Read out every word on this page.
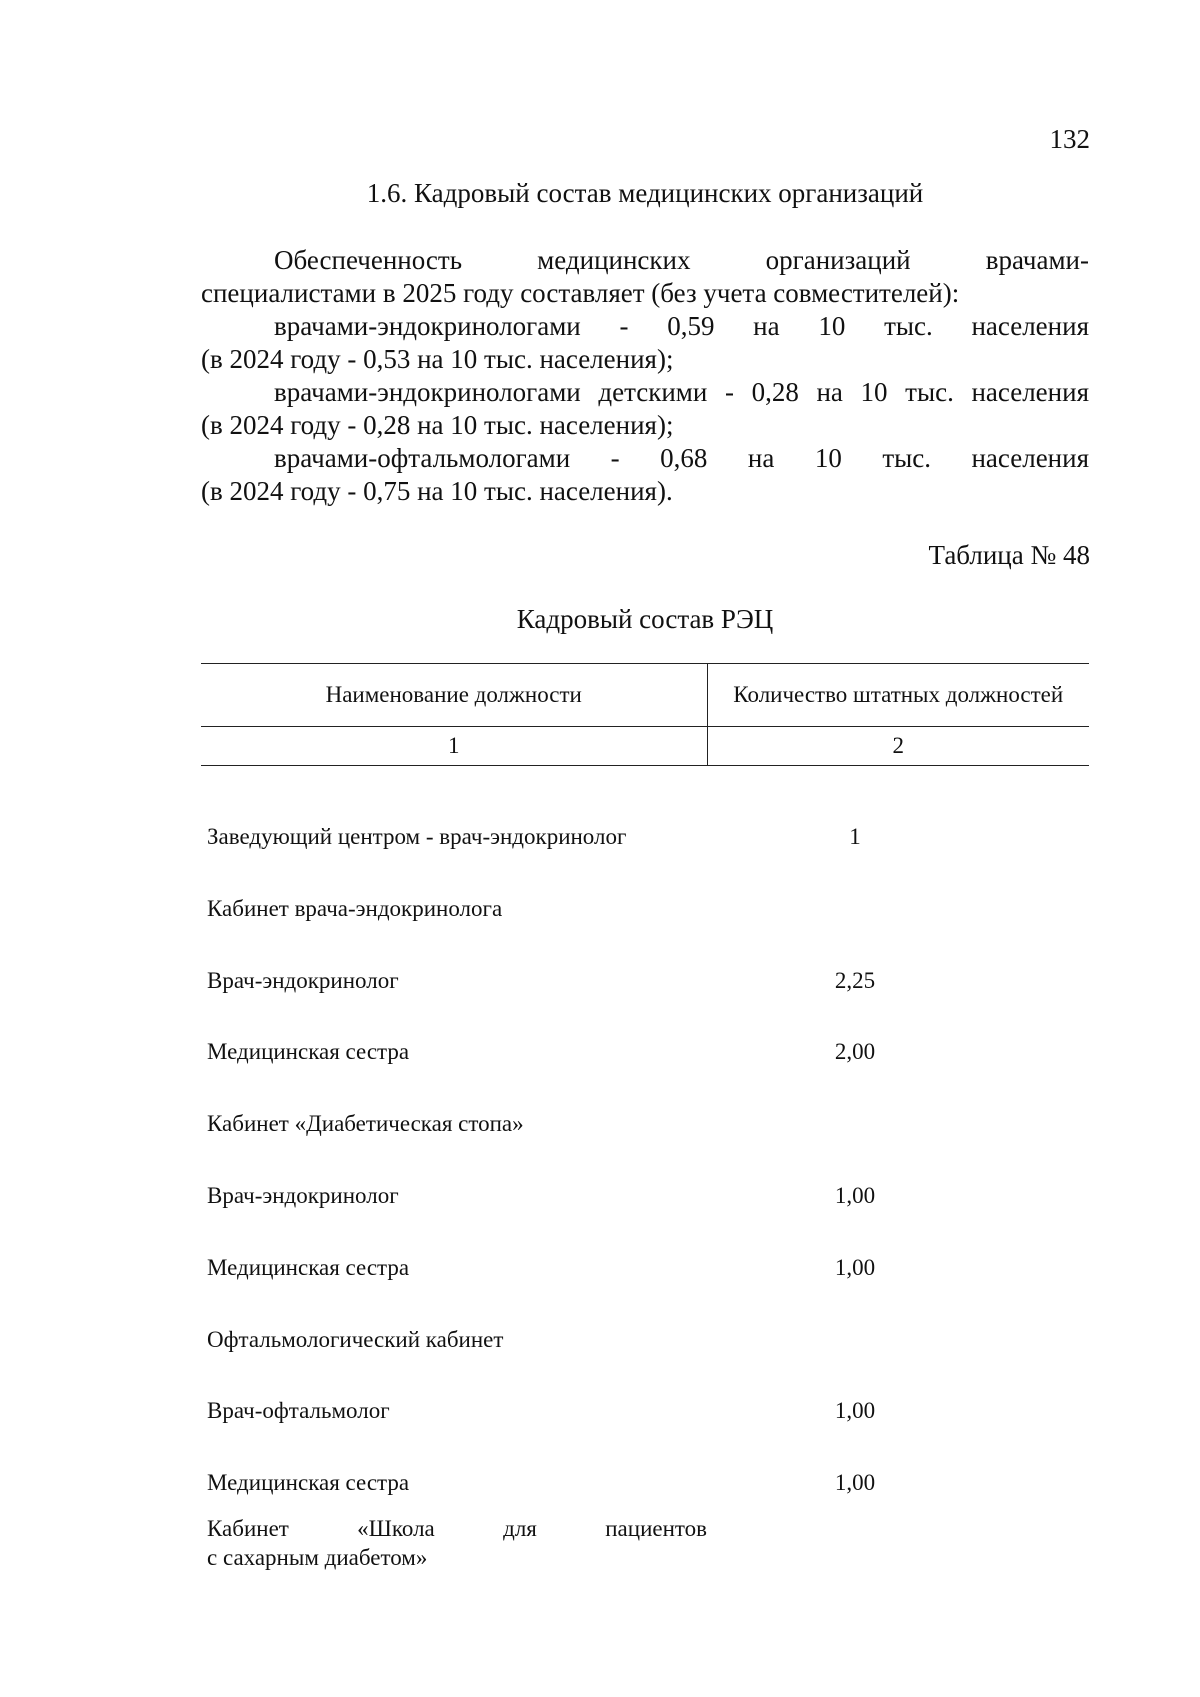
132
1.6. Кадровый состав медицинских организаций
Обеспеченность медицинских организаций врачами-
специалистами в 2025 году составляет (без учета совместителей):
врачами-эндокринологами - 0,59 на 10 тыс. населения
(в 2024 году - 0,53 на 10 тыс. населения);
врачами-эндокринологами детскими - 0,28 на 10 тыс. населения
(в 2024 году - 0,28 на 10 тыс. населения);
врачами-офтальмологами - 0,68 на 10 тыс. населения
(в 2024 году - 0,75 на 10 тыс. населения).
Таблица № 48
Кадровый состав РЭЦ
Наименование должности	Количество штатных должностей
1	2
Заведующий центром - врач-эндокринолог	1
Кабинет врача-эндокринолога	
Врач-эндокринолог	2,25
Медицинская сестра	2,00
Кабинет «Диабетическая стопа»	
Врач-эндокринолог	1,00
Медицинская сестра	1,00
Офтальмологический кабинет	
Врач-офтальмолог	1,00
Медицинская сестра	1,00

Кабинет «Школа для пациентов
с сахарным диабетом»	
